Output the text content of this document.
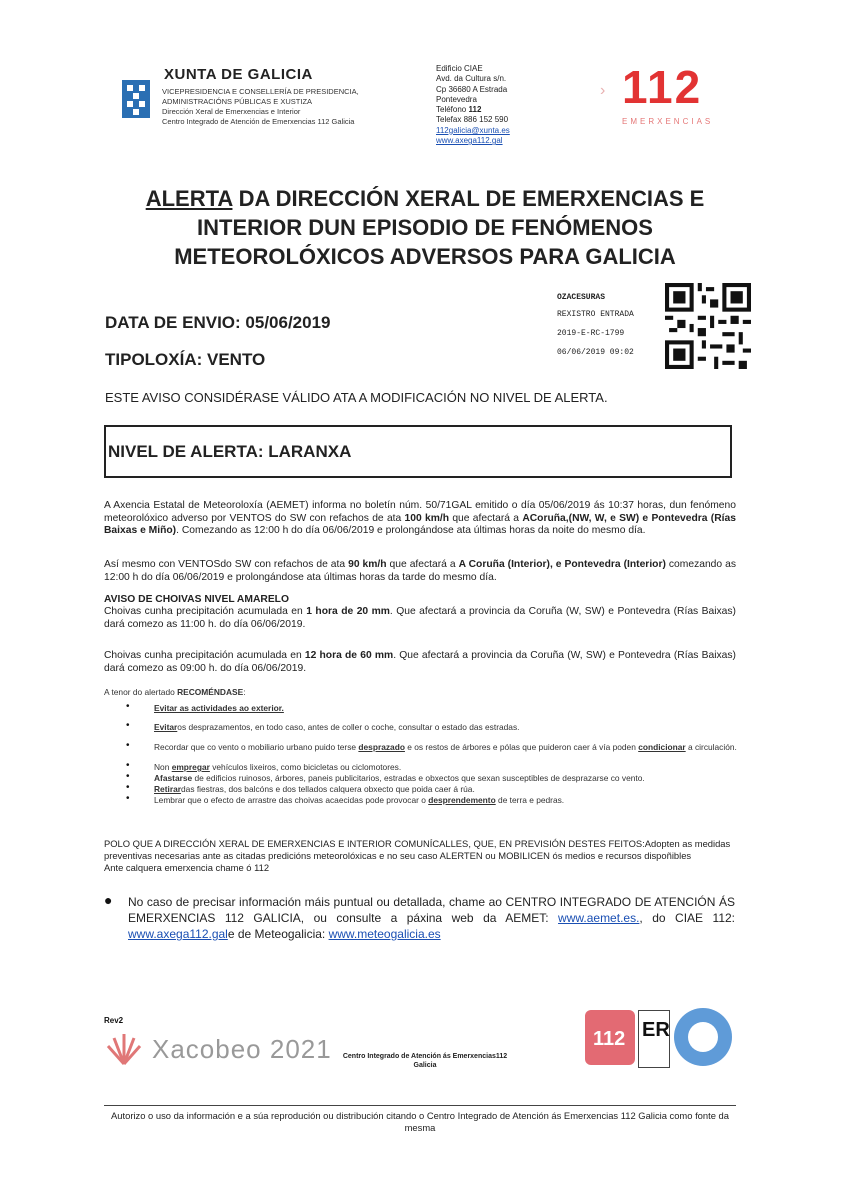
XUNTA DE GALICIA
VICEPRESIDENCIA E CONSELLERÍA DE PRESIDENCIA,
ADMINISTRACIÓNS PÚBLICAS E XUSTIZA
Dirección Xeral de Emerxencias e Interior
Centro Integrado de Atención de Emerxencias 112 Galicia
Edificio CIAE
Avd. da Cultura s/n.
Cp 36680 A Estrada
Pontevedra
Teléfono 112
Telefax 886 152 590
112galicia@xunta.es
www.axega112.gal
› 112
EMERXENCIAS
ALERTA DA DIRECCIÓN XERAL DE EMERXENCIAS E
INTERIOR DUN EPISODIO DE FENÓMENOS
METEOROLÓXICOS ADVERSOS PARA GALICIA
DATA DE ENVIO: 05/06/2019
TIPOLOXÍA: VENTO
OZACESURAS
REXISTRO ENTRADA
2019-E-RC-1799
06/06/2019 09:02
ESTE AVISO CONSIDÉRASE VÁLIDO ATA A MODIFICACIÓN NO NIVEL DE ALERTA.
NIVEL DE ALERTA: LARANXA
A Axencia Estatal de Meteoroloxía (AEMET) informa no boletín núm. 50/71GAL emitido o día 05/06/2019 ás 10:37 horas, dun fenómeno meteorolóxico adverso por VENTOS do SW con refachos de ata 100 km/h que afectará a ACoruña,(NW, W, e SW) e Pontevedra (Rías Baixas e Miño). Comezando as 12:00 h do día 06/06/2019 e prolongándose ata últimas horas da noite do mesmo día.
Así mesmo con VENTOSdo SW con refachos de ata 90 km/h que afectará a A Coruña (Interior), e Pontevedra (Interior) comezando as 12:00 h do día 06/06/2019 e prolongándose ata últimas horas da tarde do mesmo día.
AVISO DE CHOIVAS NIVEL AMARELO
Choivas cunha precipitación acumulada en 1 hora de 20 mm. Que afectará a provincia da Coruña (W, SW) e Pontevedra (Rías Baixas) dará comezo as 11:00 h. do día 06/06/2019.
Choivas cunha precipitación acumulada en 12 hora de 60 mm. Que afectará a provincia da Coruña (W, SW) e Pontevedra (Rías Baixas) dará comezo as 09:00 h. do día 06/06/2019.
A tenor do alertado RECOMÉNDASE:
•	Evitar as actividades ao exterior.
•	Evitaros desprazamentos, en todo caso, antes de coller o coche, consultar o estado das estradas.
•	Recordar que co vento o mobiliario urbano puido terse desprazado e os restos de árbores e pólas que puideron caer á vía poden condicionar a circulación.
•	Non empregar vehículos lixeiros, como bicicletas ou ciclomotores.
•	Afastarse de edificios ruinosos, árbores, paneis publicitarios, estradas e obxectos que sexan susceptibles de desprazarse co vento.
•	Retirardas fiestras, dos balcóns e dos tellados calquera obxecto que poida caer á rúa.
•	Lembrar que o efecto de arrastre das choivas acaecidas pode provocar o desprendemento de terra e pedras.
POLO QUE A DIRECCIÓN XERAL DE EMERXENCIAS E INTERIOR COMUNÍCALLES, QUE, EN PREVISIÓN DESTES FEITOS:Adopten as medidas
preventivas necesarias ante as citadas predicións meteorolóxicas e no seu caso ALERTEN ou MOBILICEN ós medios e recursos dispoñibles
Ante calquera emerxencia chame ó 112
● No caso de precisar información máis puntual ou detallada, chame ao CENTRO INTEGRADO DE ATENCIÓN ÁS EMERXENCIAS 112 GALICIA, ou consulte a páxina web da AEMET: www.aemet.es., do CIAE 112: www.axega112.gale de Meteogalicia: www.meteogalicia.es
Rev2
Xacobeo 2021	Centro Integrado de Atención ás Emerxencias112
Galicia
112 ER
Autorizo o uso da información e a súa reprodución ou distribución citando o Centro Integrado de Atención ás Emerxencias 112 Galicia como fonte da mesma
